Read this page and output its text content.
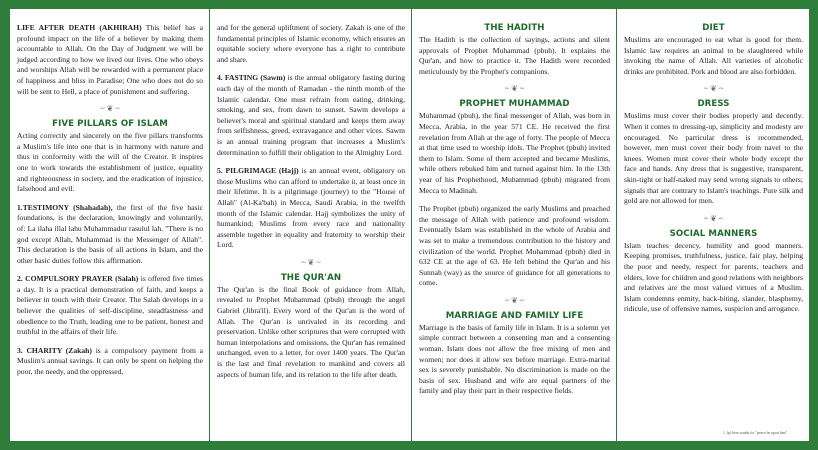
LIFE AFTER DEATH (AKHIRAH) This belief has a profound impact on the life of a believer by making them accountable to Allah. On the Day of Judgment we will be judged according to how we lived our lives. One who obeys and worships Allah will be rewarded with a permanent place of happiness and bliss in Paradise; One who does not do so will be sent to Hell, a place of punishment and suffering.

~ ❦ ~
FIVE PILLARS OF ISLAM

Acting correctly and sincerely on the five pillars transforms a Muslim's life into one that is in harmony with nature and thus in conformity with the will of the Creator. It inspires one to work towards the establishment of justice, equality and righteousness in society, and the eradication of injustice, falsehood and evil.

1.TESTIMONY (Shahadah), the first of the five basic foundations, is the declaration, knowingly and voluntarily, of: La ilaha illal lahu Muhammadur rasulul lah. "There is no god except Allah, Muhammad is the Messenger of Allah". This declaration is the basis of all actions in Islam, and the other basic duties follow this affirmation.

2. COMPULSORY PRAYER (Salah) is offered five times a day. It is a practical demonstration of faith, and keeps a believer in touch with their Creator. The Salah develops in a believer the qualities of self-discipline, steadfastness and obedience to the Truth, leading one to be patient, honest and truthful in the affairs of their life.

3. CHARITY (Zakah) is a compulsory payment from a Muslim's annual savings. It can only be spent on helping the poor, the needy, and the oppressed,

and for the general upliftment of society. Zakah is one of the fundamental principles of Islamic economy, which ensures an equitable society where everyone has a right to contribute and share.

4. FASTING (Sawm) is the annual obligatory fasting during each day of the month of Ramadan - the ninth month of the Islamic calendar. One must refrain from eating, drinking, smoking, and sex, from dawn to sunset. Sawm develops a believer's moral and spiritual standard and keeps them away from selfishness, greed, extravagance and other vices. Sawm is an annual training program that increases a Muslim's determination to fulfill their obligation to the Almighty Lord.

5. PILGRIMAGE (Hajj) is an annual event, obligatory on those Muslims who can afford to undertake it, at least once in their lifetime. It is a pilgrimage (journey) to the "House of Allah" (Al-Ka'bah) in Mecca, Saudi Arabia, in the twelfth month of the Islamic calendar. Hajj symbolizes the unity of humankind; Muslims from every race and nationality assemble together in equality and fraternity to worship their Lord.

~ ❦ ~
THE QUR'AN

The Qur'an is the final Book of guidance from Allah, revealed to Prophet Muhammad (pbuh) through the angel Gabriel (Jibra'il). Every word of the Qur'an is the word of Allah. The Qur'an is unrivaled in its recording and preservation. Unlike other scriptures that were corrupted with human interpolations and omissions, the Qur'an has remained unchanged, even to a letter, for over 1400 years. The Qur'an is the last and final revelation to mankind and covers all aspects of human life, and its relation to the life after death.

THE HADITH

The Hadith is the collection of sayings, actions and silent approvals of Prophet Muhammad (pbuh). It explains the Qur'an, and how to practice it. The Hadith were recorded meticulously by the Prophet's companions.

~ ❦ ~
PROPHET MUHAMMAD

Muhammad (pbuh), the final messenger of Allah, was born in Mecca, Arabia, in the year 571 CE. He received the first revelation from Allah at the age of forty. The people of Mecca at that time used to worship idols. The Prophet (pbuh) invited them to Islam. Some of them accepted and became Muslims, while others rebuked him and turned against him. In the 13th year of his Prophethood, Muhammad (pbuh) migrated from Mecca to Madinah.

The Prophet (pbuh) organized the early Muslims and preached the message of Allah with patience and profound wisdom. Eventually Islam was established in the whole of Arabia and was set to make a tremendous contribution to the history and civilization of the world. Prophet Muhammad (pbuh) died in 632 CE at the age of 63. He left behind the Qur'an and his Sunnah (way) as the source of guidance for all generations to come.

~ ❦ ~
MARRIAGE AND FAMILY LIFE

Marriage is the basis of family life in Islam. It is a solemn yet simple contract between a consenting man and a consenting woman. Islam does not allow the free mixing of men and women; nor does it allow sex before marriage. Extra-marital sex is severely punishable. No discrimination is made on the basis of sex. Husband and wife are equal partners of the family and play their part in their respective fields.

DIET

Muslims are encouraged to eat what is good for them. Islamic law requires an animal to be slaughtered while invoking the name of Allah. All varieties of alcoholic drinks are prohibited. Pork and blood are also forbidden.

~ ❦ ~
DRESS

Muslims must cover their bodies properly and decently. When it comes to dressing-up, simplicity and modesty are encouraged. No particular dress is recommended, however, men must cover their body from navel to the knees. Women must cover their whole body except the face and hands. Any dress that is suggestive, transparent, skin-tight or half-naked may send wrong signals to others; signals that are contrary to Islam's teachings. Pure silk and gold are not allowed for men.

~ ❦ ~
SOCIAL MANNERS

Islam teaches decency, humility and good manners. Keeping promises, truthfulness, justice, fair play, helping the poor and needy, respect for parents, teachers and elders, love for children and good relations with neighbors and relatives are the most valued virtues of a Muslim. Islam condemns enmity, back-biting, slander, blasphemy, ridicule, use of offensive names, suspicion and arrogance.

1. (p) here stands for "peace be upon him"
